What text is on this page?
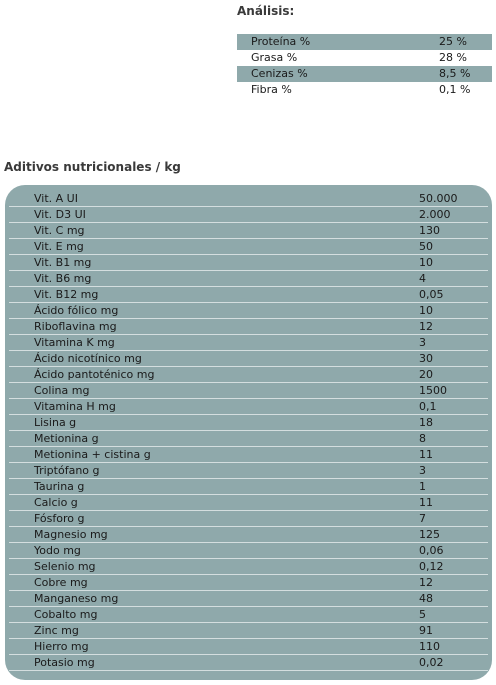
Análisis:
Proteína %	25 %
Grasa %	28 %
Cenizas %	8,5 %
Fibra %	0,1 %
Aditivos nutricionales / kg
Vit. A UI	50.000
Vit. D3 UI	2.000
Vit. C mg	130
Vit. E mg	50
Vit. B1 mg	10
Vit. B6 mg	4
Vit. B12 mg	0,05
Ácido fólico mg	10
Riboflavina mg	12
Vitamina K mg	3
Ácido nicotínico mg	30
Ácido pantoténico mg	20
Colina mg	1500
Vitamina H mg	0,1
Lisina g	18
Metionina g	8
Metionina + cistina g	11
Triptófano g	3
Taurina g	1
Calcio g	11
Fósforo g	7
Magnesio mg	125
Yodo mg	0,06
Selenio mg	0,12
Cobre mg	12
Manganeso mg	48
Cobalto mg	5
Zinc mg	91
Hierro mg	110
Potasio mg	0,02
